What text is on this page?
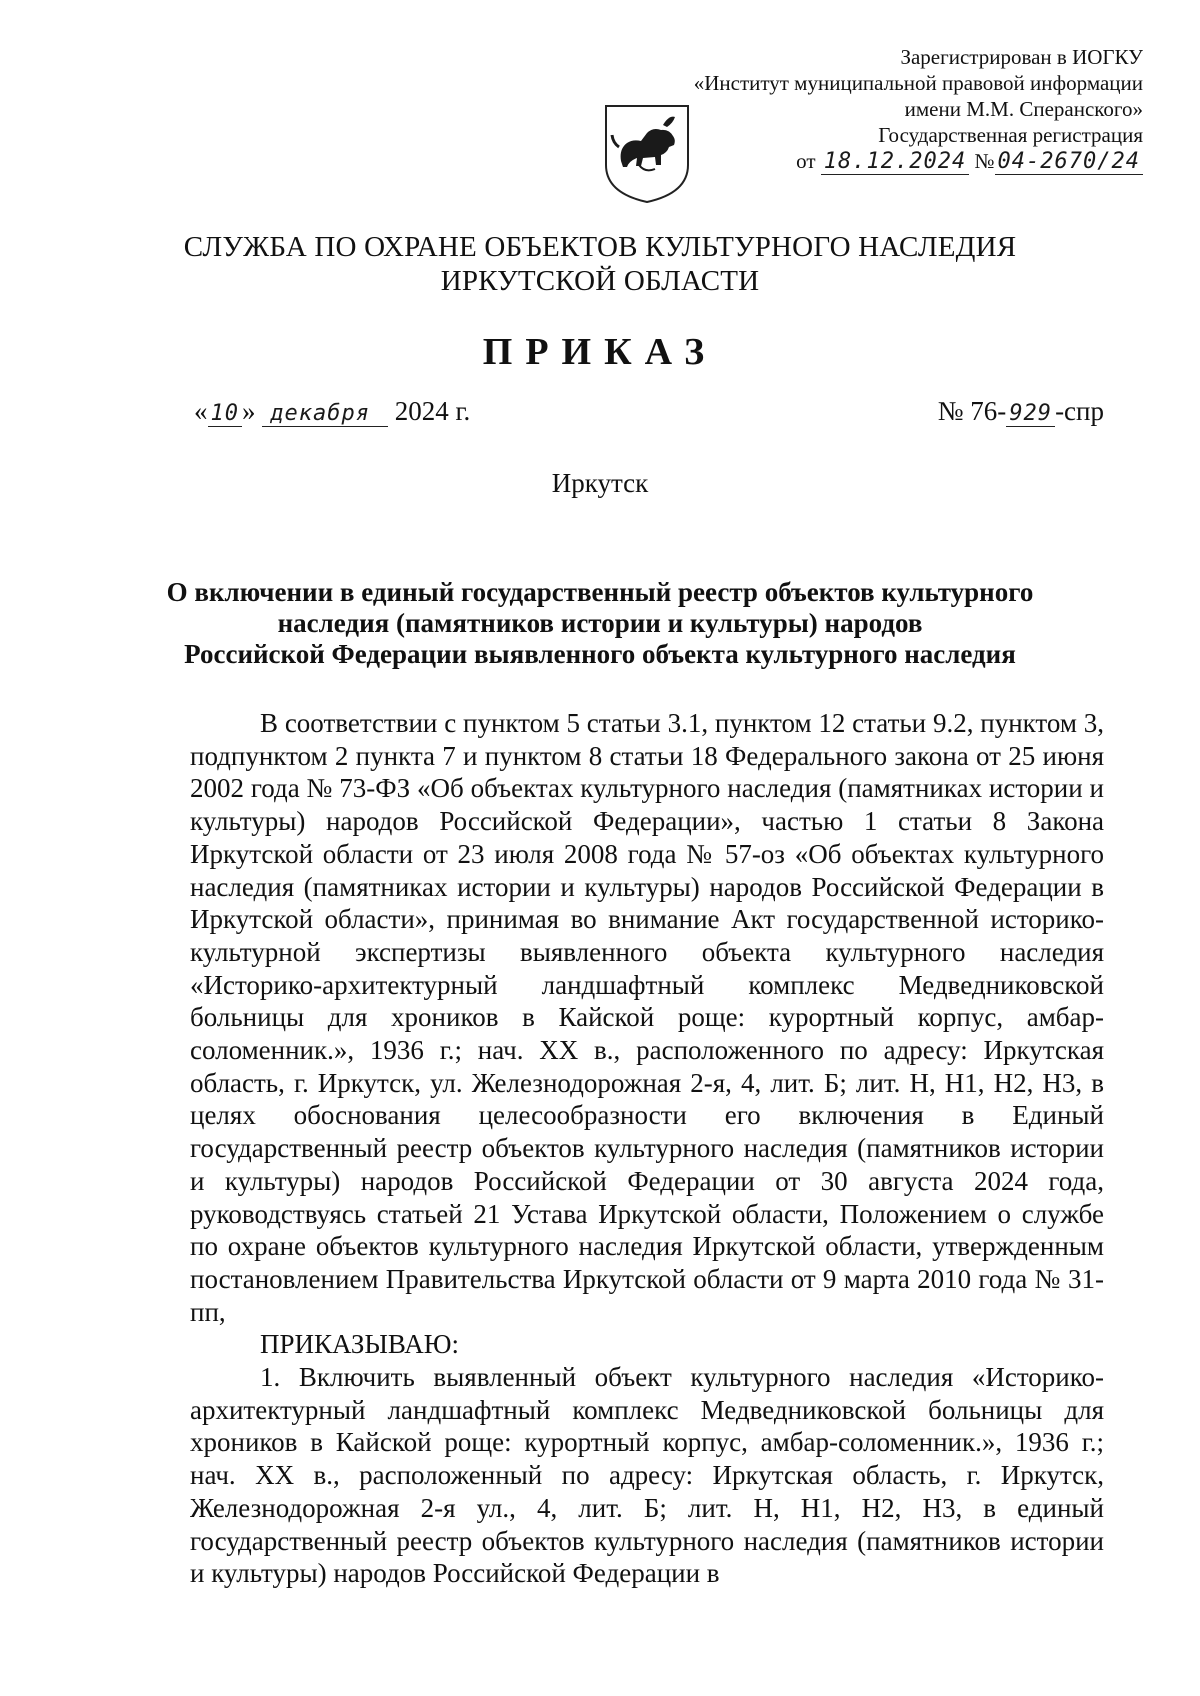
Зарегистрирован в ИОГКУ
«Институт муниципальной правовой информации
имени М.М. Сперанского»
Государственная регистрация
от 18.12.2024 № 04-2670/24
СЛУЖБА ПО ОХРАНЕ ОБЪЕКТОВ КУЛЬТУРНОГО НАСЛЕДИЯ
ИРКУТСКОЙ ОБЛАСТИ
ПРИКАЗ
« 10 » декабря 2024 г.	№ 76- 929 -спр
Иркутск
О включении в единый государственный реестр объектов культурного
наследия (памятников истории и культуры) народов
Российской Федерации выявленного объекта культурного наследия

В соответствии с пунктом 5 статьи 3.1, пунктом 12 статьи 9.2, пунктом 3, подпунктом 2 пункта 7 и пунктом 8 статьи 18 Федерального закона от 25 июня 2002 года № 73-ФЗ «Об объектах культурного наследия (памятниках истории и культуры) народов Российской Федерации», частью 1 статьи 8 Закона Иркутской области от 23 июля 2008 года № 57-оз «Об объектах культурного наследия (памятниках истории и культуры) народов Российской Федерации в Иркутской области», принимая во внимание Акт государственной историко-культурной экспертизы выявленного объекта культурного наследия «Историко-архитектурный ландшафтный комплекс Медведниковской больницы для хроников в Кайской роще: курортный корпус, амбар-соломенник.», 1936 г.; нач. XX в., расположенного по адресу: Иркутская область, г. Иркутск, ул. Железнодорожная 2-я, 4, лит. Б; лит. Н, Н1, Н2, Н3, в целях обоснования целесообразности его включения в Единый государственный реестр объектов культурного наследия (памятников истории и культуры) народов Российской Федерации от 30 августа 2024 года, руководствуясь статьей 21 Устава Иркутской области, Положением о службе по охране объектов культурного наследия Иркутской области, утвержденным постановлением Правительства Иркутской области от 9 марта 2010 года № 31-пп,

ПРИКАЗЫВАЮ:

1. Включить выявленный объект культурного наследия «Историко-архитектурный ландшафтный комплекс Медведниковской больницы для хроников в Кайской роще: курортный корпус, амбар-соломенник.», 1936 г.; нач. XX в., расположенный по адресу: Иркутская область, г. Иркутск, Железнодорожная 2-я ул., 4, лит. Б; лит. Н, Н1, Н2, Н3, в единый государственный реестр объектов культурного наследия (памятников истории и культуры) народов Российской Федерации в
